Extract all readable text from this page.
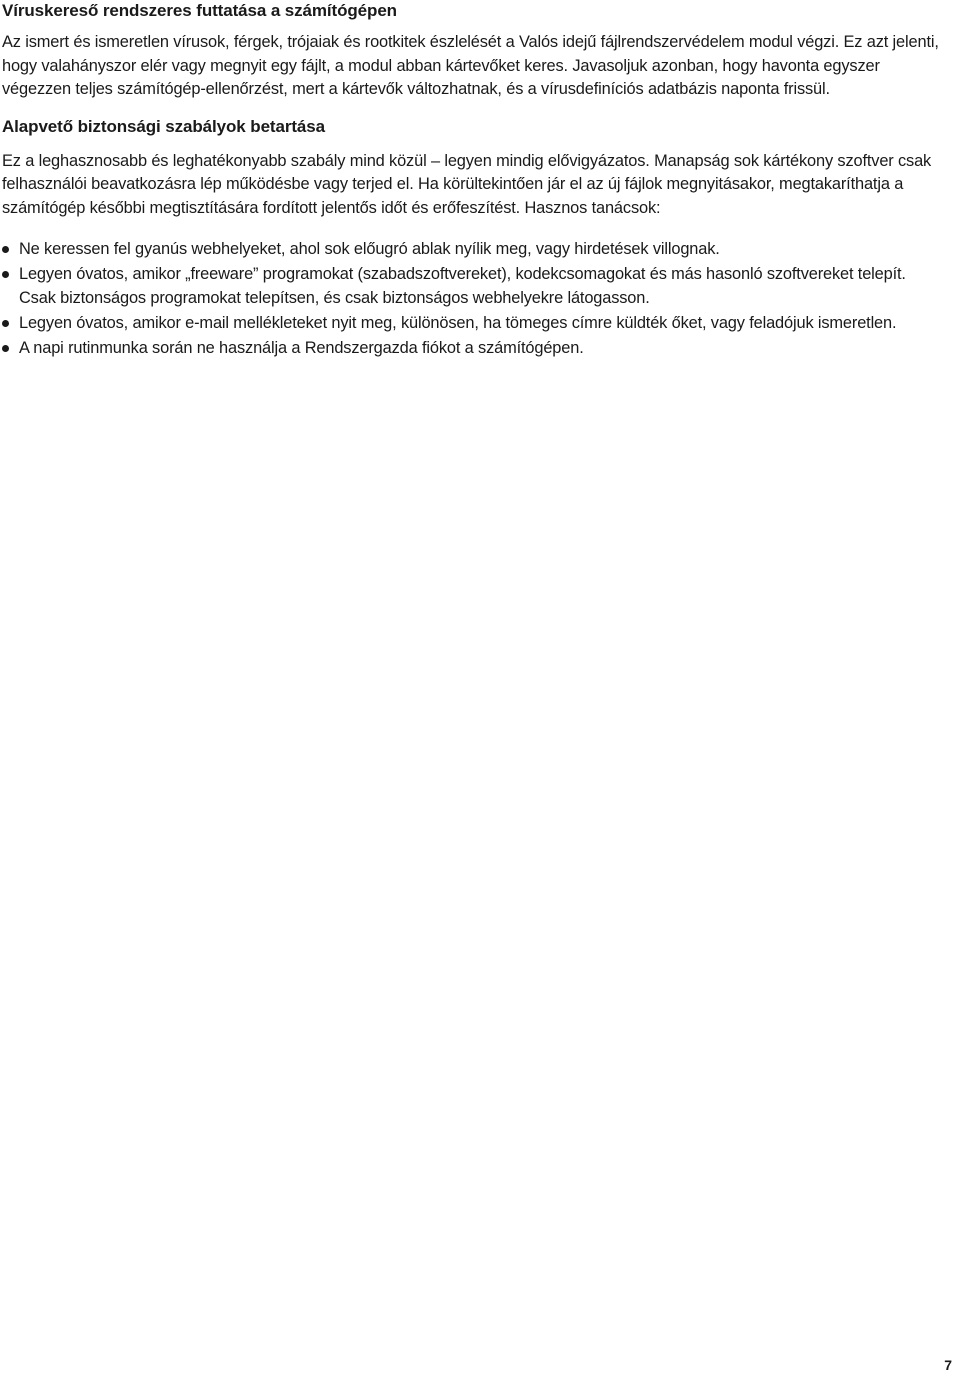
Víruskereső rendszeres futtatása a számítógépen

Az ismert és ismeretlen vírusok, férgek, trójaiak és rootkitek észlelését a Valós idejű fájlrendszervédelem modul végzi. Ez azt jelenti, hogy valahányszor elér vagy megnyit egy fájlt, a modul abban kártevőket keres. Javasoljuk azonban, hogy havonta egyszer végezzen teljes számítógép-ellenőrzést, mert a kártevők változhatnak, és a vírusdefiníciós adatbázis naponta frissül.

Alapvető biztonsági szabályok betartása

Ez a leghasznosabb és leghatékonyabb szabály mind közül – legyen mindig elővigyázatos. Manapság sok kártékony szoftver csak felhasználói beavatkozásra lép működésbe vagy terjed el. Ha körültekintően jár el az új fájlok megnyitásakor, megtakaríthatja a számítógép későbbi megtisztítására fordított jelentős időt és erőfeszítést. Hasznos tanácsok:

Ne keressen fel gyanús webhelyeket, ahol sok előugró ablak nyílik meg, vagy hirdetések villognak.
Legyen óvatos, amikor „freeware” programokat (szabadszoftvereket), kodekcsomagokat és más hasonló szoftvereket telepít. Csak biztonságos programokat telepítsen, és csak biztonságos webhelyekre látogasson.
Legyen óvatos, amikor e-mail mellékleteket nyit meg, különösen, ha tömeges címre küldték őket, vagy feladójuk ismeretlen.
A napi rutinmunka során ne használja a Rendszergazda fiókot a számítógépen.
7
